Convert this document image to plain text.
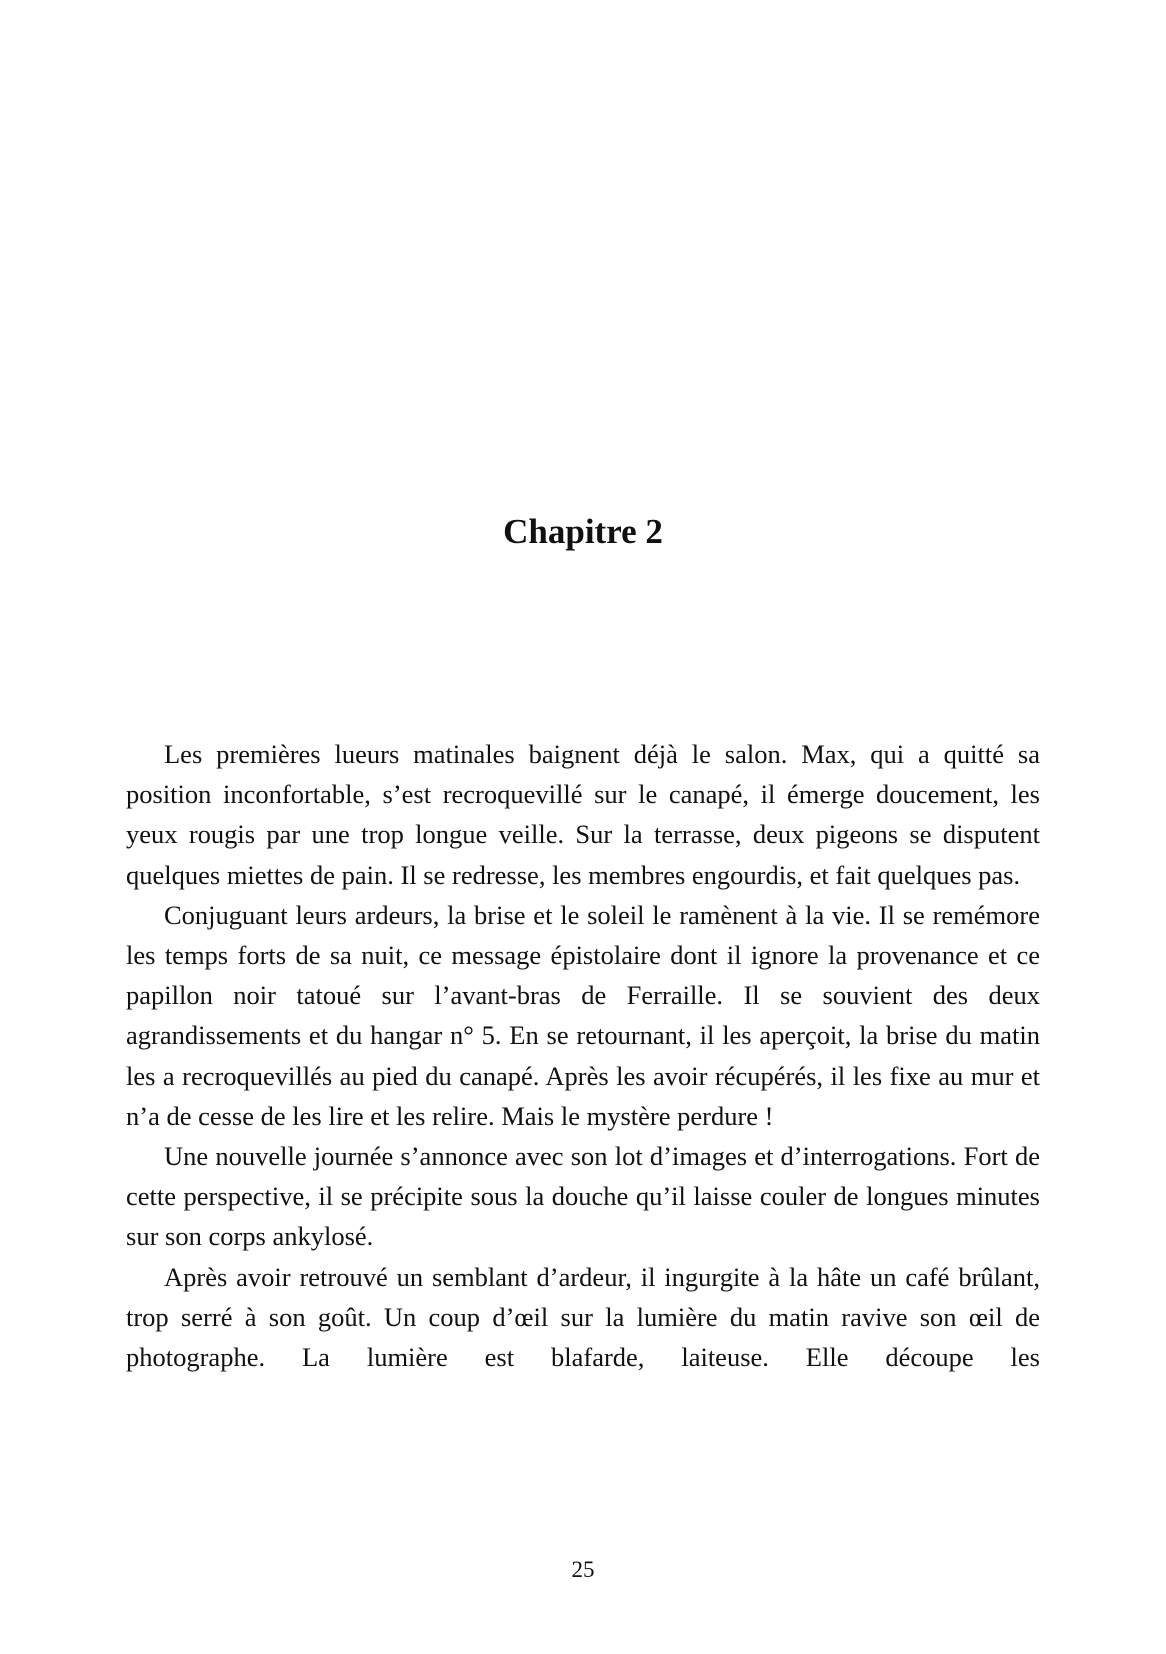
Chapitre 2

Les premières lueurs matinales baignent déjà le salon. Max, qui a quitté sa position inconfortable, s’est recroquevillé sur le canapé, il émerge doucement, les yeux rougis par une trop longue veille. Sur la terrasse, deux pigeons se disputent quelques miettes de pain. Il se redresse, les membres engourdis, et fait quelques pas.

Conjuguant leurs ardeurs, la brise et le soleil le ramènent à la vie. Il se remémore les temps forts de sa nuit, ce message épistolaire dont il ignore la provenance et ce papillon noir tatoué sur l’avant-bras de Ferraille. Il se souvient des deux agrandissements et du hangar n° 5. En se retournant, il les aperçoit, la brise du matin les a recroquevillés au pied du canapé. Après les avoir récupérés, il les fixe au mur et n’a de cesse de les lire et les relire. Mais le mystère perdure !

Une nouvelle journée s’annonce avec son lot d’images et d’interrogations. Fort de cette perspective, il se précipite sous la douche qu’il laisse couler de longues minutes sur son corps ankylosé.

Après avoir retrouvé un semblant d’ardeur, il ingurgite à la hâte un café brûlant, trop serré à son goût. Un coup d’œil sur la lumière du matin ravive son œil de photographe. La lumière est blafarde, laiteuse. Elle découpe les

25
